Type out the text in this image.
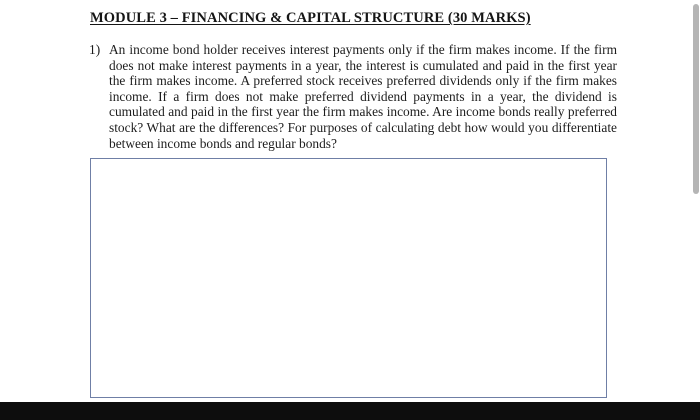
MODULE 3 – FINANCING & CAPITAL STRUCTURE (30 MARKS)
1) An income bond holder receives interest payments only if the firm makes income. If the firm does not make interest payments in a year, the interest is cumulated and paid in the first year the firm makes income. A preferred stock receives preferred dividends only if the firm makes income. If a firm does not make preferred dividend payments in a year, the dividend is cumulated and paid in the first year the firm makes income. Are income bonds really preferred stock? What are the differences? For purposes of calculating debt how would you differentiate between income bonds and regular bonds?
